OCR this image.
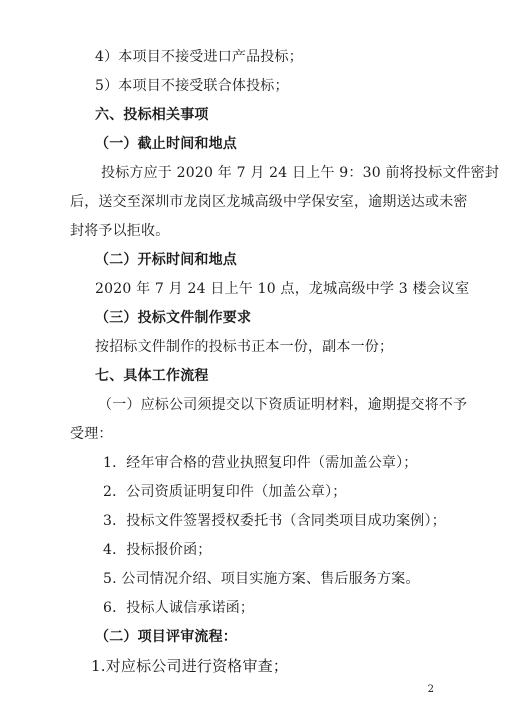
4）本项目不接受进口产品投标；
5）本项目不接受联合体投标；
六、投标相关事项
（一）截止时间和地点
投标方应于 2020 年 7 月 24 日上午 9：30 前将投标文件密封
后，送交至深圳市龙岗区龙城高级中学保安室，逾期送达或未密
封将予以拒收。
（二）开标时间和地点
2020 年 7 月 24 日上午 10 点，龙城高级中学 3 楼会议室
（三）投标文件制作要求
按招标文件制作的投标书正本一份，副本一份；
七、具体工作流程
（一）应标公司须提交以下资质证明材料，逾期提交将不予
受理：
1．经年审合格的营业执照复印件（需加盖公章）；
2．公司资质证明复印件（加盖公章）；
3．投标文件签署授权委托书（含同类项目成功案例）；
4．投标报价函；
5. 公司情况介绍、项目实施方案、售后服务方案。
6．投标人诚信承诺函；
2
（二）项目评审流程：
1.对应标公司进行资格审查；
